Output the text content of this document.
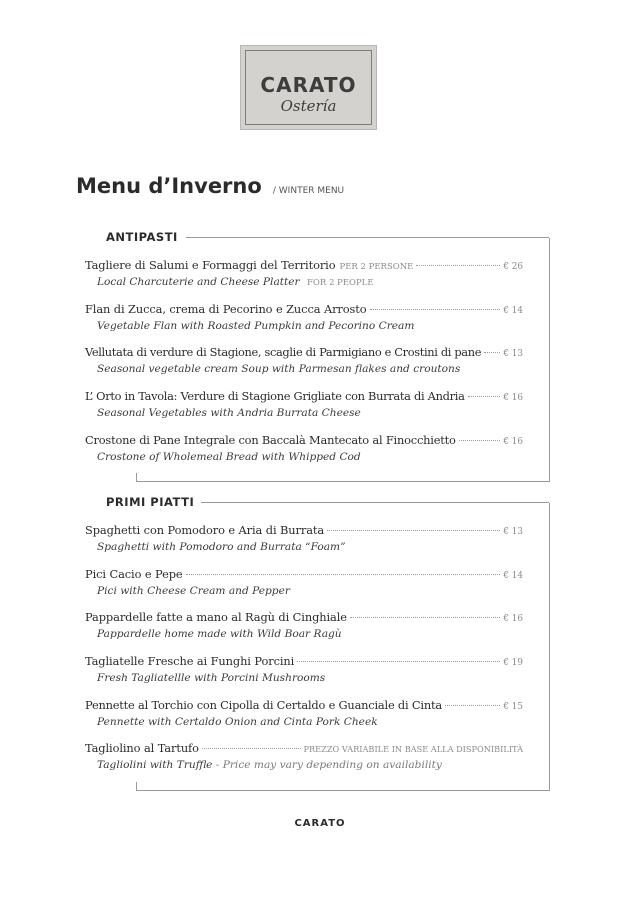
CARATO
Ostería
Menu d’Inverno / WINTER MENU
ANTIPASTI
Tagliere di Salumi e Formaggi del Territorio PER 2 PERSONE	€ 26
Local Charcuterie and Cheese Platter FOR 2 PEOPLE
Flan di Zucca, crema di Pecorino e Zucca Arrosto	€ 14
Vegetable Flan with Roasted Pumpkin and Pecorino Cream
Vellutata di verdure di Stagione, scaglie di Parmigiano e Crostini di pane	€ 13
Seasonal vegetable cream Soup with Parmesan flakes and croutons
L’ Orto in Tavola: Verdure di Stagione Grigliate con Burrata di Andria	€ 16
Seasonal Vegetables with Andria Burrata Cheese
Crostone di Pane Integrale con Baccalà Mantecato al Finocchietto	€ 16
Crostone of Wholemeal Bread with Whipped Cod
PRIMI PIATTI
Spaghetti con Pomodoro e Aria di Burrata	€ 13
Spaghetti with Pomodoro and Burrata “Foam”
Pici Cacio e Pepe	€ 14
Pici with Cheese Cream and Pepper
Pappardelle fatte a mano al Ragù di Cinghiale	€ 16
Pappardelle home made with Wild Boar Ragù
Tagliatelle Fresche ai Funghi Porcini	€ 19
Fresh Tagliatellle with Porcini Mushrooms
Pennette al Torchio con Cipolla di Certaldo e Guanciale di Cinta	€ 15
Pennette with Certaldo Onion and Cinta Pork Cheek
Tagliolino al Tartufo	PREZZO VARIABILE IN BASE ALLA DISPONIBILITÀ
Tagliolini with Truffle - Price may vary depending on availability
CARATO
